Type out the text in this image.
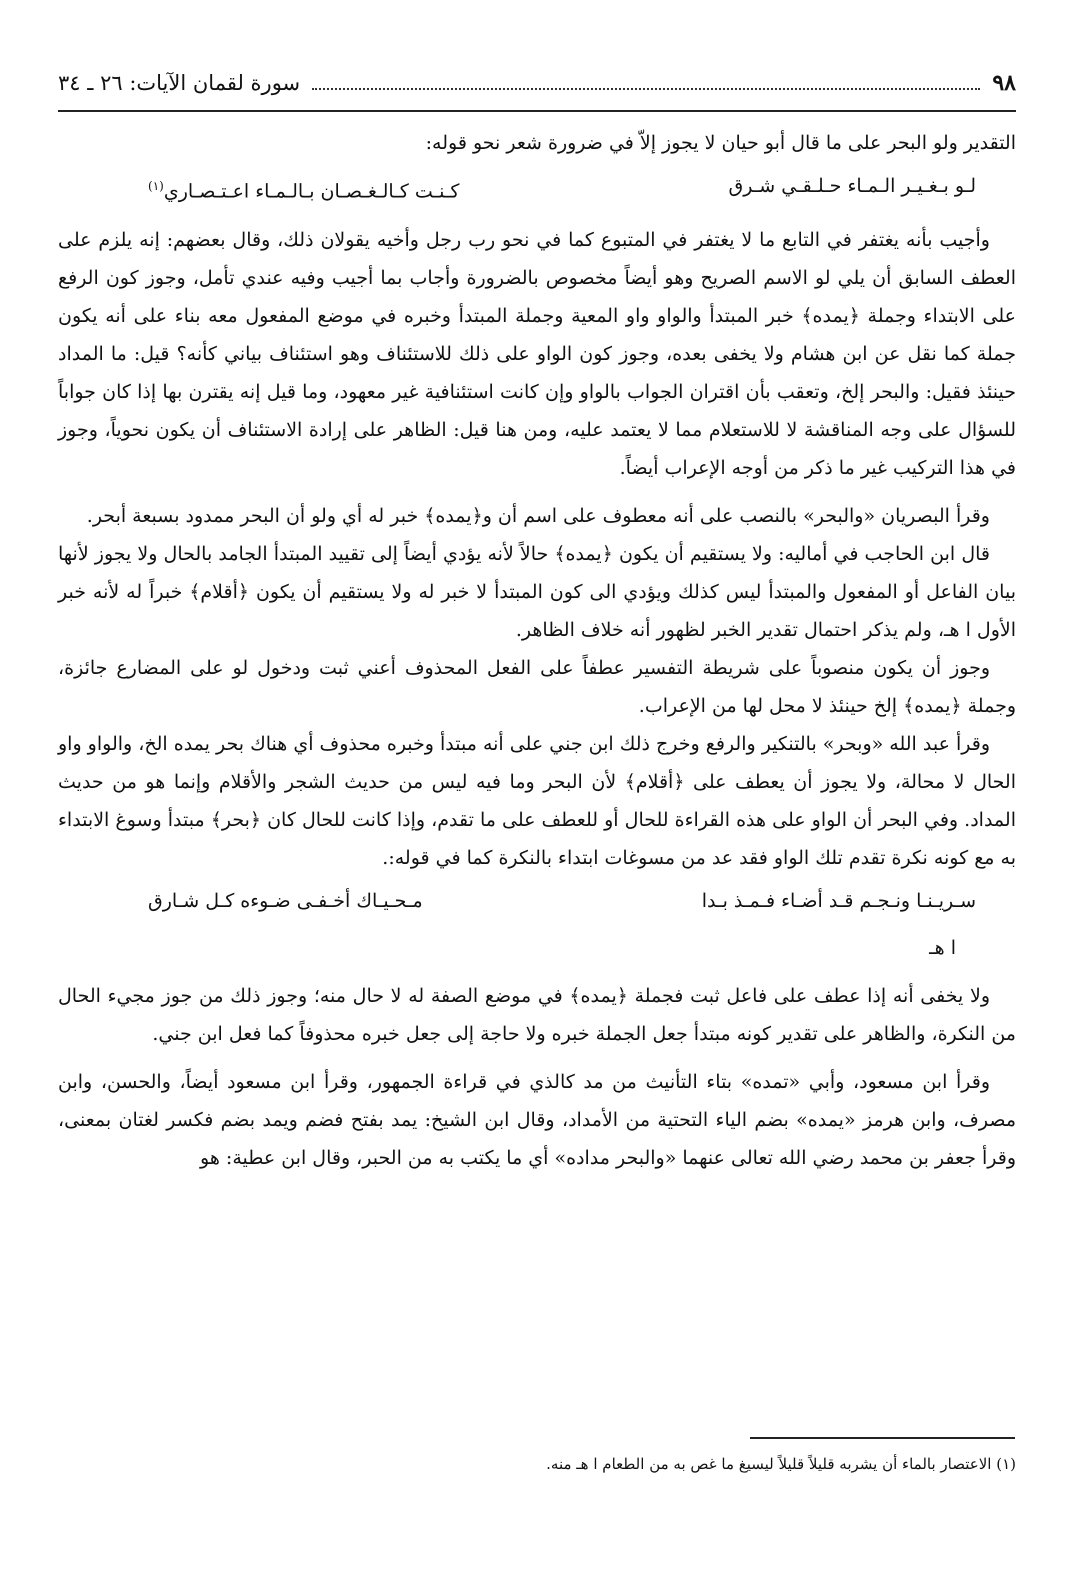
٩٨
سورة لقمان الآيات: ٢٦ ـ ٣٤

التقدير ولو البحر على ما قال أبو حيان لا يجوز إلاّ في ضرورة شعر نحو قوله:

لـو بـغـيـر الـمـاء حـلـقـي شـرق
كـنـت كـالـغـصـان بـالـمـاء اعـتـصـاري$^{(١)}$

وأجيب بأنه يغتفر في التابع ما لا يغتفر في المتبوع كما في نحو رب رجل وأخيه يقولان ذلك، وقال بعضهم: إنه يلزم على العطف السابق أن يلي لو الاسم الصريح وهو أيضاً مخصوص بالضرورة وأجاب بما أجيب وفيه عندي تأمل، وجوز كون الرفع على الابتداء وجملة ﴿يمده﴾ خبر المبتدأ والواو واو المعية وجملة المبتدأ وخبره في موضع المفعول معه بناء على أنه يكون جملة كما نقل عن ابن هشام ولا يخفى بعده، وجوز كون الواو على ذلك للاستئناف وهو استئناف بياني كأنه؟ قيل: ما المداد حينئذ فقيل: والبحر إلخ، وتعقب بأن اقتران الجواب بالواو وإن كانت استئنافية غير معهود، وما قيل إنه يقترن بها إذا كان جواباً للسؤال على وجه المناقشة لا للاستعلام مما لا يعتمد عليه، ومن هنا قيل: الظاهر على إرادة الاستئناف أن يكون نحوياً، وجوز في هذا التركيب غير ما ذكر من أوجه الإعراب أيضاً.

وقرأ البصريان «والبحر» بالنصب على أنه معطوف على اسم أن و﴿يمده﴾ خبر له أي ولو أن البحر ممدود بسبعة أبحر.

قال ابن الحاجب في أماليه: ولا يستقيم أن يكون ﴿يمده﴾ حالاً لأنه يؤدي أيضاً إلى تقييد المبتدأ الجامد بالحال ولا يجوز لأنها بيان الفاعل أو المفعول والمبتدأ ليس كذلك ويؤدي الى كون المبتدأ لا خبر له ولا يستقيم أن يكون ﴿أقلام﴾ خبراً له لأنه خبر الأول ا هـ، ولم يذكر احتمال تقدير الخبر لظهور أنه خلاف الظاهر.

وجوز أن يكون منصوباً على شريطة التفسير عطفاً على الفعل المحذوف أعني ثبت ودخول لو على المضارع جائزة، وجملة ﴿يمده﴾ إلخ حينئذ لا محل لها من الإعراب.

وقرأ عبد الله «وبحر» بالتنكير والرفع وخرج ذلك ابن جني على أنه مبتدأ وخبره محذوف أي هناك بحر يمده الخ، والواو واو الحال لا محالة، ولا يجوز أن يعطف على ﴿أقلام﴾ لأن البحر وما فيه ليس من حديث الشجر والأقلام وإنما هو من حديث المداد. وفي البحر أن الواو على هذه القراءة للحال أو للعطف على ما تقدم، وإذا كانت للحال كان ﴿بحر﴾ مبتدأ وسوغ الابتداء به مع كونه نكرة تقدم تلك الواو فقد عد من مسوغات ابتداء بالنكرة كما في قوله:.

سـريـنـا ونـجـم قـد أضـاء فـمـذ بـدا
مـحـيـاك أخـفـى ضـوءه كـل شـارق
ا هـ

ولا يخفى أنه إذا عطف على فاعل ثبت فجملة ﴿يمده﴾ في موضع الصفة له لا حال منه؛ وجوز ذلك من جوز مجيء الحال من النكرة، والظاهر على تقدير كونه مبتدأ جعل الجملة خبره ولا حاجة إلى جعل خبره محذوفاً كما فعل ابن جني.

وقرأ ابن مسعود، وأبي «تمده» بتاء التأنيث من مد كالذي في قراءة الجمهور، وقرأ ابن مسعود أيضاً، والحسن، وابن مصرف، وابن هرمز «يمده» بضم الياء التحتية من الأمداد، وقال ابن الشيخ: يمد بفتح فضم ويمد بضم فكسر لغتان بمعنى، وقرأ جعفر بن محمد رضي الله تعالى عنهما «والبحر مداده» أي ما يكتب به من الحبر، وقال ابن عطية: هو

(١) الاعتصار بالماء أن يشربه قليلاً قليلاً ليسيغ ما غص به من الطعام ا هـ منه.
